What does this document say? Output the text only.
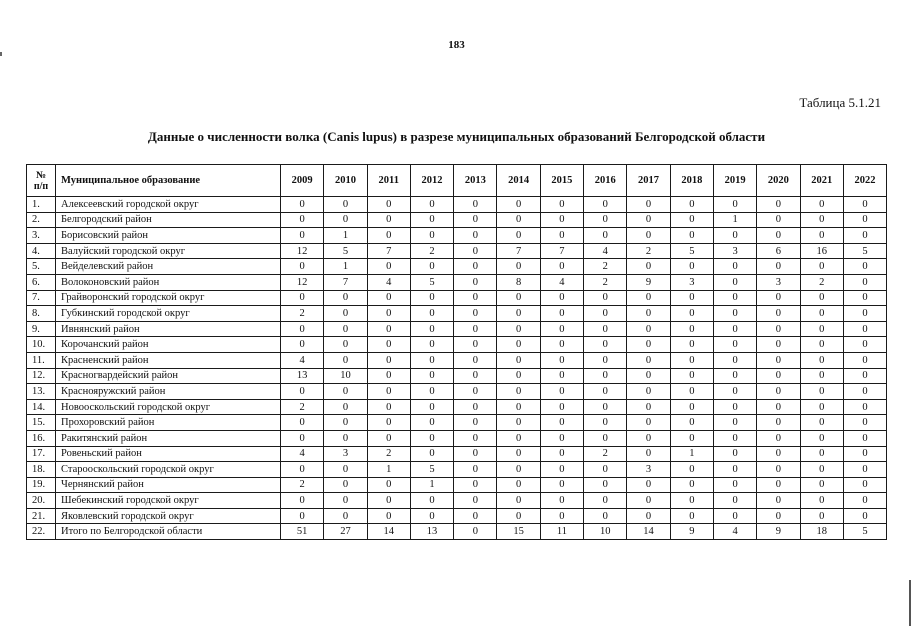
183
Таблица 5.1.21
Данные о численности волка (Canis lupus) в разрезе муниципальных образований Белгородской области
№
п/п	Муниципальное образование	2009	2010	2011	2012	2013	2014	2015	2016	2017	2018	2019	2020	2021	2022
1.	Алексеевский городской округ	0	0	0	0	0	0	0	0	0	0	0	0	0	0
2.	Белгородский район	0	0	0	0	0	0	0	0	0	0	1	0	0	0
3.	Борисовский район	0	1	0	0	0	0	0	0	0	0	0	0	0	0
4.	Валуйский городской округ	12	5	7	2	0	7	7	4	2	5	3	6	16	5
5.	Вейделевский район	0	1	0	0	0	0	0	2	0	0	0	0	0	0
6.	Волоконовский район	12	7	4	5	0	8	4	2	9	3	0	3	2	0
7.	Грайворонский городской округ	0	0	0	0	0	0	0	0	0	0	0	0	0	0
8.	Губкинский городской округ	2	0	0	0	0	0	0	0	0	0	0	0	0	0
9.	Ивнянский район	0	0	0	0	0	0	0	0	0	0	0	0	0	0
10.	Корочанский район	0	0	0	0	0	0	0	0	0	0	0	0	0	0
11.	Красненский район	4	0	0	0	0	0	0	0	0	0	0	0	0	0
12.	Красногвардейский район	13	10	0	0	0	0	0	0	0	0	0	0	0	0
13.	Краснояружский район	0	0	0	0	0	0	0	0	0	0	0	0	0	0
14.	Новооскольский городской округ	2	0	0	0	0	0	0	0	0	0	0	0	0	0
15.	Прохоровский район	0	0	0	0	0	0	0	0	0	0	0	0	0	0
16.	Ракитянский район	0	0	0	0	0	0	0	0	0	0	0	0	0	0
17.	Ровеньский район	4	3	2	0	0	0	0	2	0	1	0	0	0	0
18.	Старооскольский городской округ	0	0	1	5	0	0	0	0	3	0	0	0	0	0
19.	Чернянский район	2	0	0	1	0	0	0	0	0	0	0	0	0	0
20.	Шебекинский городской округ	0	0	0	0	0	0	0	0	0	0	0	0	0	0
21.	Яковлевский городской округ	0	0	0	0	0	0	0	0	0	0	0	0	0	0
22.	Итого по Белгородской области	51	27	14	13	0	15	11	10	14	9	4	9	18	5
